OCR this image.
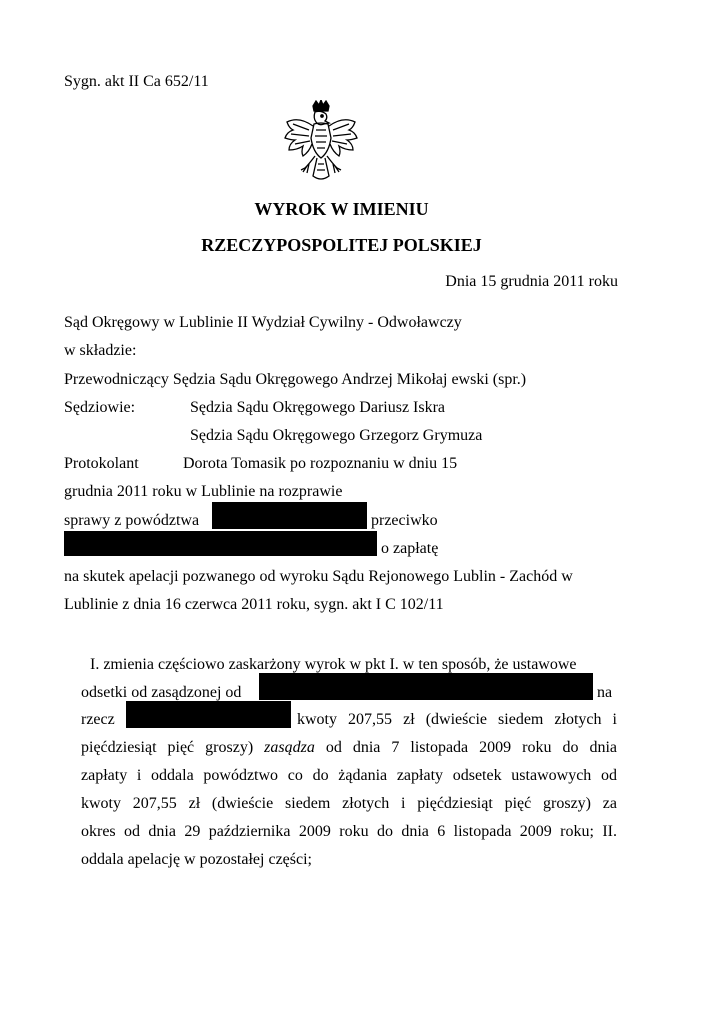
Sygn. akt II Ca 652/11
WYROK W IMIENIU
RZECZYPOSPOLITEJ POLSKIEJ
Dnia 15 grudnia 2011 roku
Sąd Okręgowy w Lublinie II Wydział Cywilny - Odwoławczy
w składzie:
Przewodniczący Sędzia Sądu Okręgowego Andrzej Mikołaj ewski (spr.)
Sędziowie:	Sędzia Sądu Okręgowego Dariusz Iskra
Sędzia Sądu Okręgowego Grzegorz Grymuza
Protokolant	Dorota Tomasik po rozpoznaniu w dniu 15
grudnia 2011 roku w Lublinie na rozprawie
sprawy z powództwa	przeciwko
o zapłatę
na skutek apelacji pozwanego od wyroku Sądu Rejonowego Lublin - Zachód w
Lublinie z dnia 16 czerwca 2011 roku, sygn. akt I C 102/11
I. zmienia częściowo zaskarżony wyrok w pkt I. w ten sposób, że ustawowe
odsetki od zasądzonej od	na
rzecz	kwoty 207,55 zł (dwieście siedem złotych i
pięćdziesiąt pięć groszy) zasądza od dnia 7 listopada 2009 roku do dnia
zapłaty i oddala powództwo co do żądania zapłaty odsetek ustawowych od
kwoty 207,55 zł (dwieście siedem złotych i pięćdziesiąt pięć groszy) za
okres od dnia 29 października 2009 roku do dnia 6 listopada 2009 roku; II.
oddala apelację w pozostałej części;
